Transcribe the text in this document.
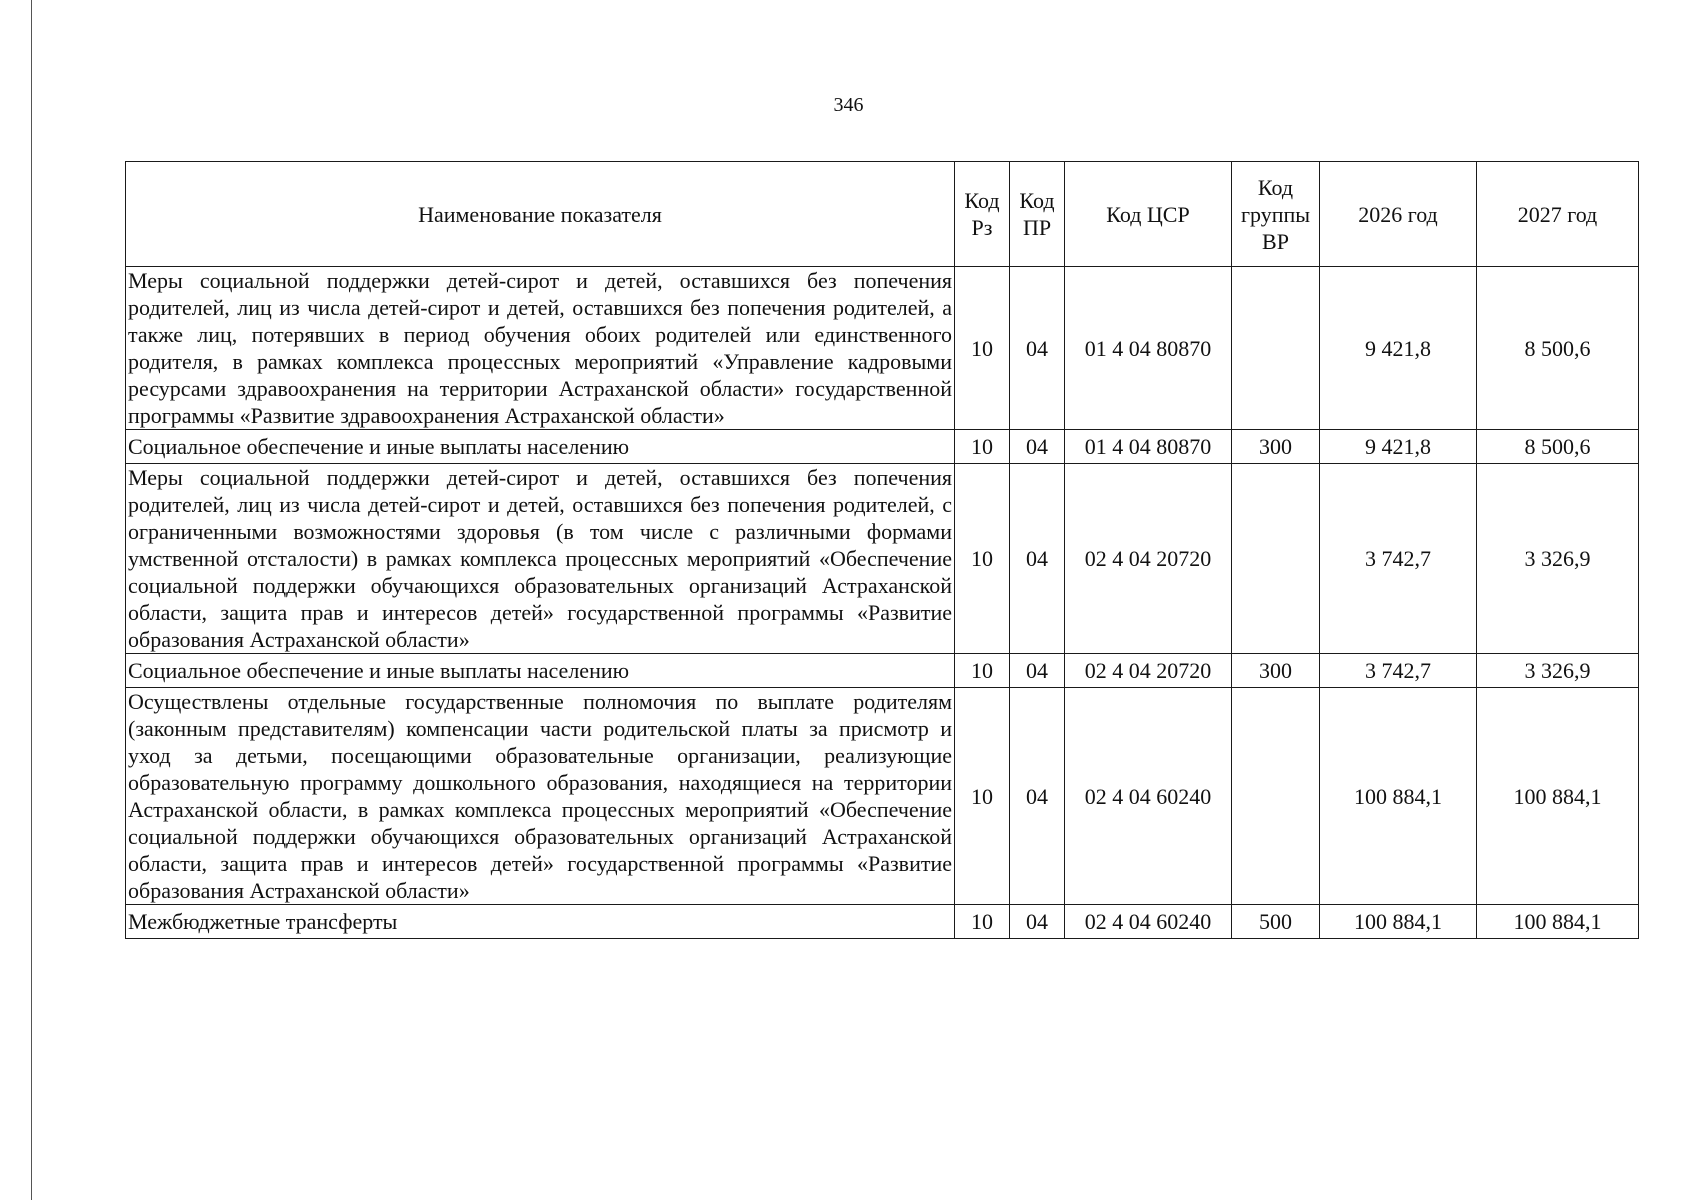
346
Наименование показателя	Код Рз	Код ПР	Код ЦСР	Код группы ВР	2026 год	2027 год
Меры социальной поддержки детей-сирот и детей, оставшихся без попечения родителей, лиц из числа детей-сирот и детей, оставшихся без попечения родителей, а также лиц, потерявших в период обучения обоих родителей или единственного родителя, в рамках комплекса процессных мероприятий «Управление кадровыми ресурсами здравоохранения на территории Астраханской области» государственной программы «Развитие здравоохранения Астраханской области»	10	04	01 4 04 80870		9 421,8	8 500,6
Социальное обеспечение и иные выплаты населению	10	04	01 4 04 80870	300	9 421,8	8 500,6
Меры социальной поддержки детей-сирот и детей, оставшихся без попечения родителей, лиц из числа детей-сирот и детей, оставшихся без попечения родителей, с ограниченными возможностями здоровья (в том числе с различными формами умственной отсталости) в рамках комплекса процессных мероприятий «Обеспечение социальной поддержки обучающихся образовательных организаций Астраханской области, защита прав и интересов детей» государственной программы «Развитие образования Астраханской области»	10	04	02 4 04 20720		3 742,7	3 326,9
Социальное обеспечение и иные выплаты населению	10	04	02 4 04 20720	300	3 742,7	3 326,9
Осуществлены отдельные государственные полномочия по выплате родителям (законным представителям) компенсации части родительской платы за присмотр и уход за детьми, посещающими образовательные организации, реализующие образовательную программу дошкольного образования, находящиеся на территории Астраханской области, в рамках комплекса процессных мероприятий «Обеспечение социальной поддержки обучающихся образовательных организаций Астраханской области, защита прав и интересов детей» государственной программы «Развитие образования Астраханской области»	10	04	02 4 04 60240		100 884,1	100 884,1
Межбюджетные трансферты	10	04	02 4 04 60240	500	100 884,1	100 884,1
